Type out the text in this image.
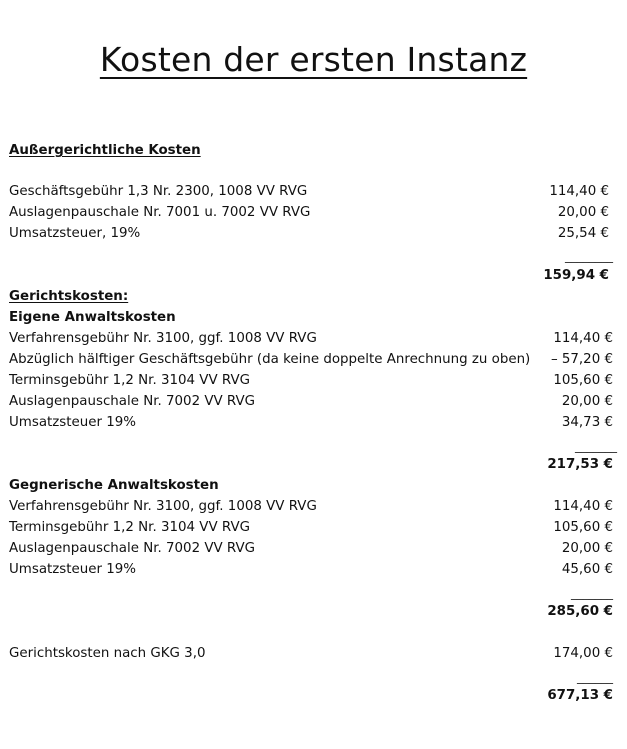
Kosten der ersten Instanz
Außergerichtliche Kosten
Geschäftsgebühr 1,3 Nr. 2300, 1008 VV RVG	114,40 €
Auslagenpauschale Nr. 7001 u. 7002 VV RVG	20,00 €
Umsatzsteuer, 19%	25,54 €
________
159,94 €
Gerichtskosten:
Eigene Anwaltskosten
Verfahrensgebühr Nr. 3100, ggf. 1008 VV RVG	114,40 €
Abzüglich hälftiger Geschäftsgebühr (da keine doppelte Anrechnung zu oben) – 57,20 €
Terminsgebühr 1,2 Nr. 3104 VV RVG	105,60 €
Auslagenpauschale Nr. 7002 VV RVG	20,00 €
Umsatzsteuer 19%	34,73 €
_______
217,53 €
Gegnerische Anwaltskosten
Verfahrensgebühr Nr. 3100, ggf. 1008 VV RVG	114,40 €
Terminsgebühr 1,2 Nr. 3104 VV RVG	105,60 €
Auslagenpauschale Nr. 7002 VV RVG	20,00 €
Umsatzsteuer 19%	45,60 €
_______
285,60 €
Gerichtskosten nach GKG 3,0	174,00 €
______
677,13 €
